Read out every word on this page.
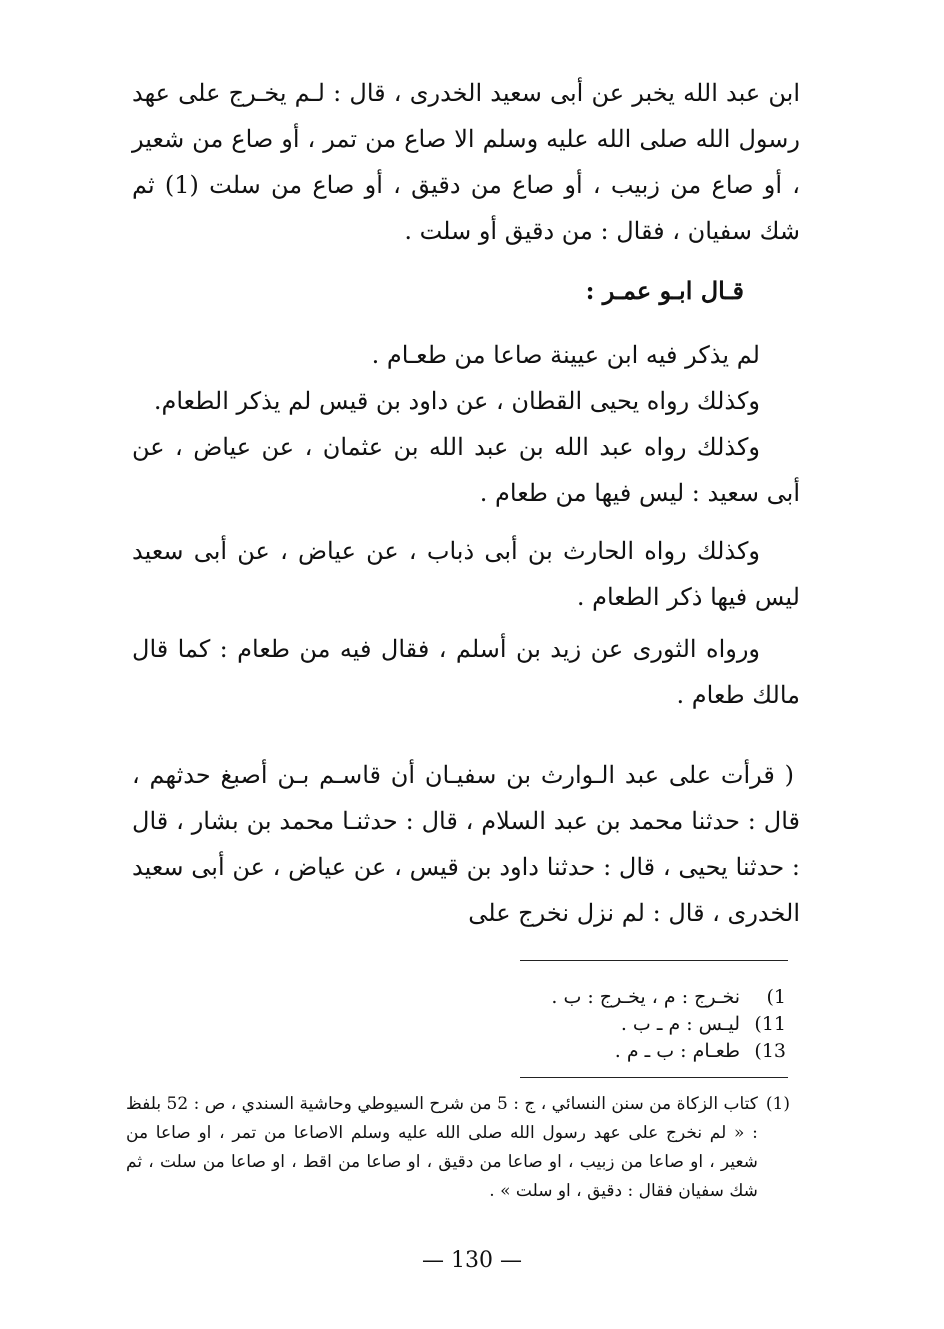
ابن عبد الله يخبر عن أبى سعيد الخدرى ، قال : لـم يخـرج على عهد رسول الله صلى الله عليه وسلم الا صاع من تمر ، أو صاع من شعير ، أو صاع من زبيب ، أو صاع من دقيق ، أو صاع من سلت (1) ثم شك سفيان ، فقال : من دقيق أو سلت .

قـال ابـو عمـر :

لم يذكر فيه ابن عيينة صاعا من طعـام .

وكذلك رواه يحيى القطان ، عن داود بن قيس لم يذكر الطعام.

وكذلك رواه عبد الله بن عبد الله بن عثمان ، عن عياض ، عن أبى سعيد : ليس فيها من طعام .

وكذلك رواه الحارث بن أبى ذباب ، عن عياض ، عن أبى سعيد ليس فيها ذكر الطعام .

ورواه الثورى عن زيد بن أسلم ، فقال فيه من طعام : كما قال مالك طعام .

( قرأت على عبد الـوارث بن سفيـان أن قاسـم بـن أصبغ حدثهم ، قال : حدثنا محمد بن عبد السلام ، قال : حدثنـا محمد بن بشار ، قال : حدثنا يحيى ، قال : حدثنا داود بن قيس ، عن عياض ، عن أبى سعيد الخدرى ، قال : لم نزل نخرج على

1)
نخـرج : م ، يخـرج : ب .
11)
ليـس : م ـ ب .
13)
طعـام : ب ـ م .
(1)
كتاب الزكاة من سنن النسائي ، ج : 5 من شرح السيوطي وحاشية السندي ، ص : 52 بلفظ : « لم نخرج على عهد رسول الله صلى الله عليه وسلم الاصاعا من تمر ، او صاعا من شعير ، او صاعا من زبيب ، او صاعا من دقيق ، او صاعا من اقط ، او صاعا من سلت ، ثم شك سفيان فقال : دقيق ، او سلت » .
— 130 —
